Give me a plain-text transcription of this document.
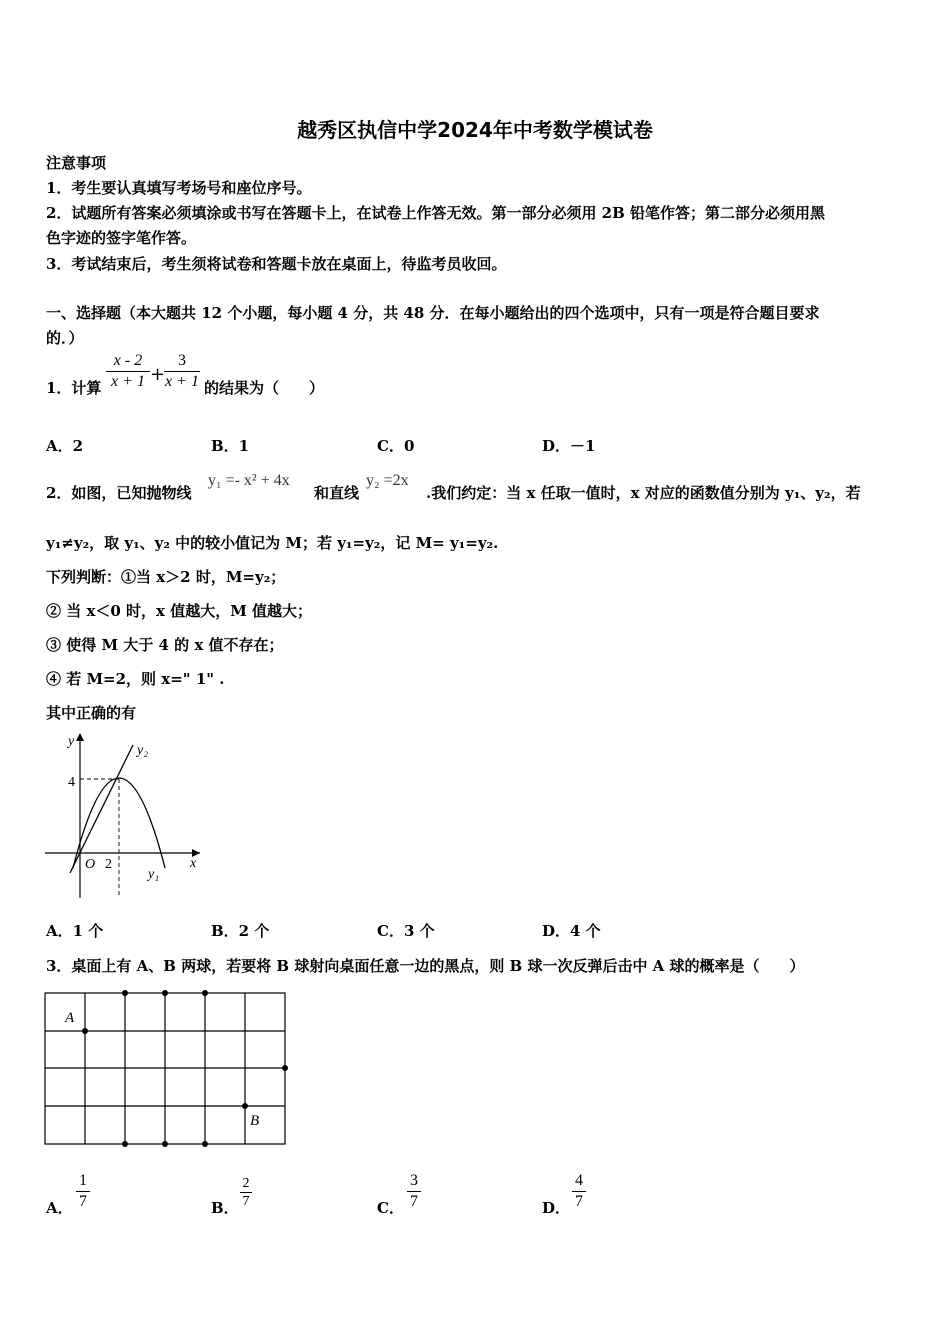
越秀区执信中学2024年中考数学模试卷
注意事项
1．考生要认真填写考场号和座位序号。
2．试题所有答案必须填涂或书写在答题卡上，在试卷上作答无效。第一部分必须用 2B 铅笔作答；第二部分必须用黑
色字迹的签字笔作答。
3．考试结束后，考生须将试卷和答题卡放在桌面上，待监考员收回。
一、选择题（本大题共 12 个小题，每小题 4 分，共 48 分．在每小题给出的四个选项中，只有一项是符合题目要求
的．）
1．计算
x - 2
x + 1 +
3
x + 1 的结果为（　　）
A．2	B．1	C．0	D．－1
2．如图，已知抛物线
y₁ =- x² + 4x
和直线
y₂ =2x
.我们约定：当 x 任取一值时，x 对应的函数值分别为 y₁、y₂，若
y₁≠y₂，取 y₁、y₂ 中的较小值记为 M；若 y₁=y₂，记 M= y₁=y₂.
下列判断：①当 x＞2 时，M=y₂；
② 当 x＜0 时，x 值越大，M 值越大；
③ 使得 M 大于 4 的 x 值不存在；
④ 若 M=2，则 x=" 1" .
其中正确的有
y
y₂
4
O 2	x
y₁
A．1 个	B．2 个	C．3 个	D．4 个
3．桌面上有 A、B 两球，若要将 B 球射向桌面任意一边的黑点，则 B 球一次反弹后击中 A 球的概率是（　　）
A
B
A．
1
7	B．
2
7	C．
3
7	D．
4
7
